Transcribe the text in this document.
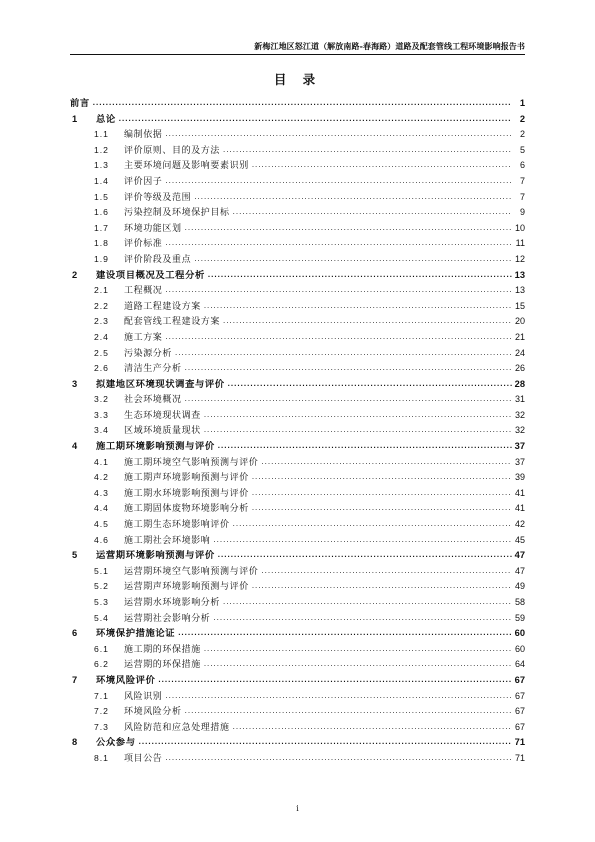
新梅江地区怒江道（解放南路-春海路）道路及配套管线工程环境影响报告书
目 录
前言 . . .	1
1	总论 . . .	2
1.1	编制依据 . . .	2
1.2	评价原则、目的及方法 . . .	5
1.3	主要环境问题及影响要素识别 . . .	6
1.4	评价因子 . . .	7
1.5	评价等级及范围 . . .	7
1.6	污染控制及环境保护目标 . . .	9
1.7	环境功能区划 . . .	10
1.8	评价标准 . . .	11
1.9	评价阶段及重点 . . .	12
2	建设项目概况及工程分析 . . .	13
2.1	工程概况 . . .	13
2.2	道路工程建设方案 . . .	15
2.3	配套管线工程建设方案 . . .	20
2.4	施工方案 . . .	21
2.5	污染源分析 . . .	24
2.6	清洁生产分析 . . .	26
3	拟建地区环境现状调查与评价 . . .	28
3.2	社会环境概况 . . .	31
3.3	生态环境现状调查 . . .	32
3.4	区域环境质量现状 . . .	32
4	施工期环境影响预测与评价 . . .	37
4.1	施工期环境空气影响预测与评价 . . .	37
4.2	施工期声环境影响预测与评价 . . .	39
4.3	施工期水环境影响预测与评价 . . .	41
4.4	施工期固体废物环境影响分析 . . .	41
4.5	施工期生态环境影响评价 . . .	42
4.6	施工期社会环境影响 . . .	45
5	运营期环境影响预测与评价 . . .	47
5.1	运营期环境空气影响预测与评价 . . .	47
5.2	运营期声环境影响预测与评价 . . .	49
5.3	运营期水环境影响分析 . . .	58
5.4	运营期社会影响分析 . . .	59
6	环境保护措施论证 . . .	60
6.1	施工期的环保措施 . . .	60
6.2	运营期的环保措施 . . .	64
7	环境风险评价 . . .	67
7.1	风险识别 . . .	67
7.2	环境风险分析 . . .	67
7.3	风险防范和应急处理措施 . . .	67
8	公众参与 . . .	71
8.1	项目公告 . . .	71
i
